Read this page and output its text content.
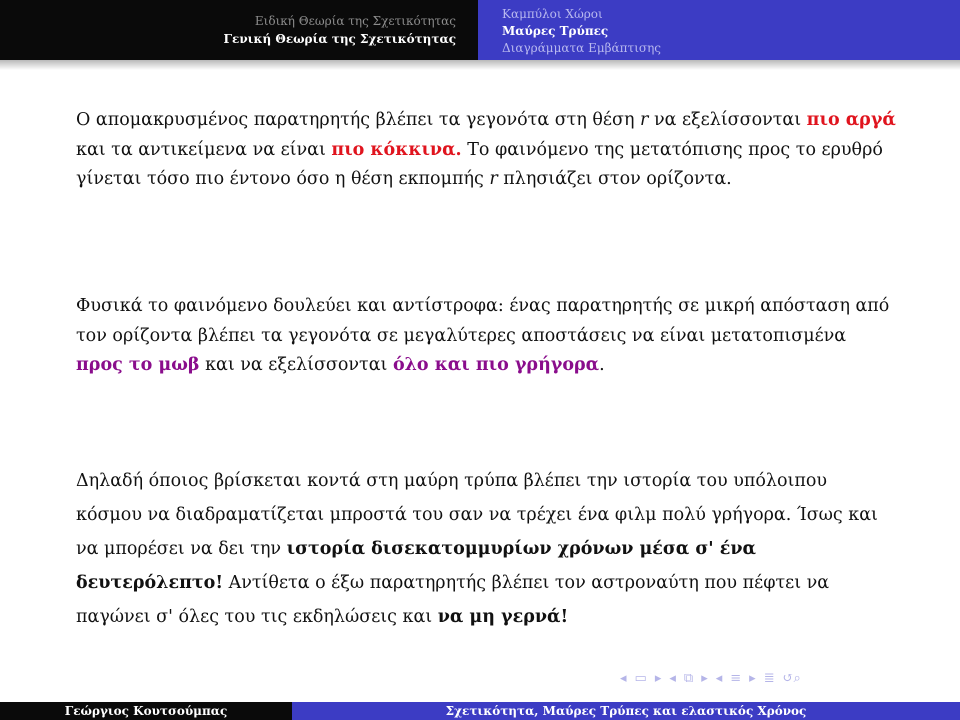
Ειδική Θεωρία της Σχετικότητας
Γενική Θεωρία της Σχετικότητας
Καμπύλοι Χώροι
Μαύρες Τρύπες
Διαγράμματα Εμβάπτισης

Ο απομακρυσμένος παρατηρητής βλέπει τα γεγονότα στη θέση r να εξελίσσονται πιο αργά και τα αντικείμενα να είναι πιο κόκκινα. Το φαινόμενο της μετατόπισης προς το ερυθρό γίνεται τόσο πιο έντονο όσο η θέση εκπομπής r πλησιάζει στον ορίζοντα.

Φυσικά το φαινόμενο δουλεύει και αντίστροφα: ένας παρατηρητής σε μικρή απόσταση από τον ορίζοντα βλέπει τα γεγονότα σε μεγαλύτερες αποστάσεις να είναι μετατοπισμένα προς το μωβ και να εξελίσσονται όλο και πιο γρήγορα.

Δηλαδή όποιος βρίσκεται κοντά στη μαύρη τρύπα βλέπει την ιστορία του υπόλοιπου κόσμου να διαδραματίζεται μπροστά του σαν να τρέχει ένα φιλμ πολύ γρήγορα. Ίσως και να μπορέσει να δει την ιστορία δισεκατομμυρίων χρόνων μέσα σ' ένα δευτερόλεπτο! Αντίθετα ο έξω παρατηρητής βλέπει τον αστροναύτη που πέφτει να παγώνει σ' όλες του τις εκδηλώσεις και να μη γερνά!

◂ ▭ ▸ ◂ ⧉ ▸ ◂ ≡ ▸ ≣ ↺⌕
Γεώργιος Κουτσούμπας	Σχετικότητα, Μαύρες Τρύπες και ελαστικός Χρόνος
